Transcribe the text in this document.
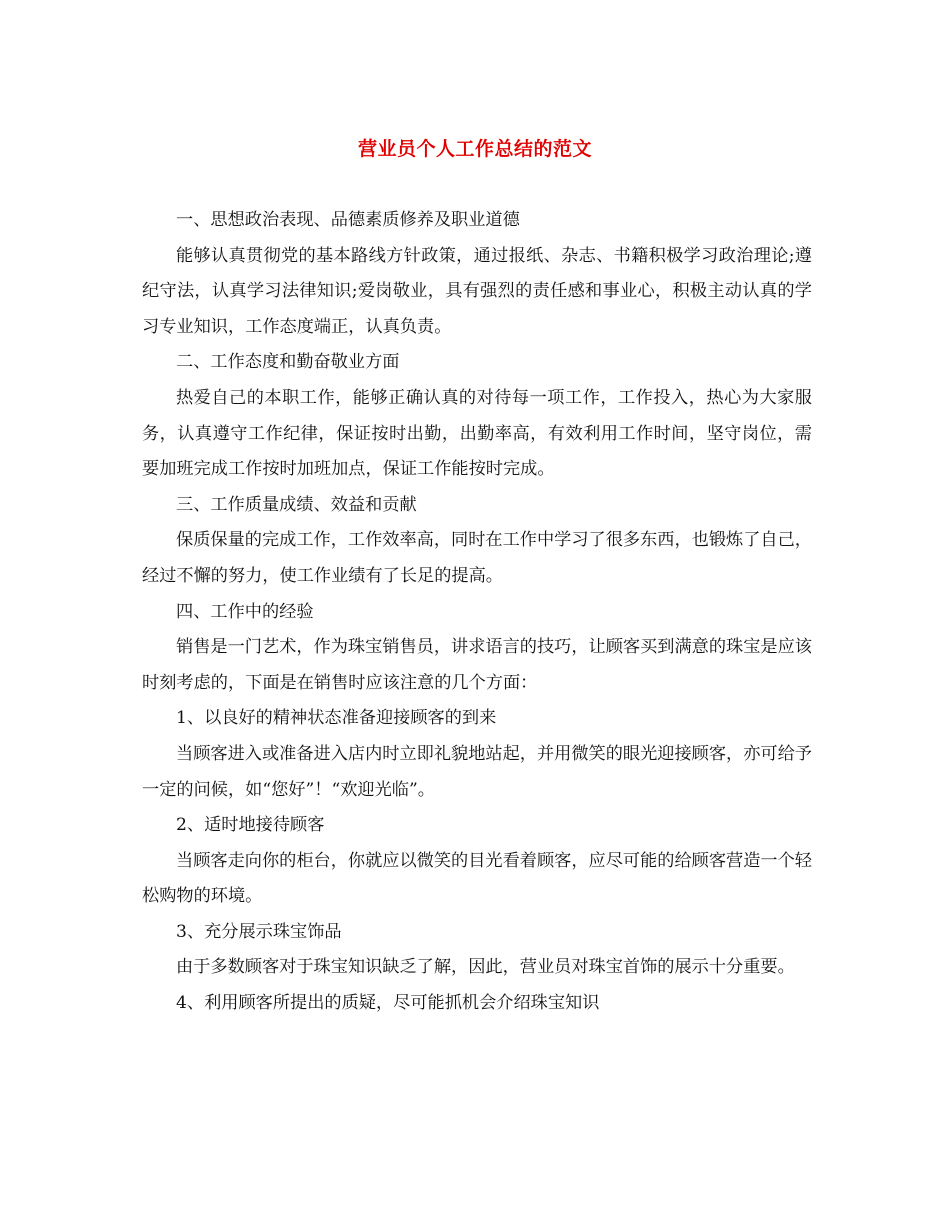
营业员个人工作总结的范文

一、思想政治表现、品德素质修养及职业道德

能够认真贯彻党的基本路线方针政策，通过报纸、杂志、书籍积极学习政治理论;遵纪守法，认真学习法律知识;爱岗敬业，具有强烈的责任感和事业心，积极主动认真的学习专业知识，工作态度端正，认真负责。

二、工作态度和勤奋敬业方面

热爱自己的本职工作，能够正确认真的对待每一项工作，工作投入，热心为大家服务，认真遵守工作纪律，保证按时出勤，出勤率高，有效利用工作时间，坚守岗位，需要加班完成工作按时加班加点，保证工作能按时完成。

三、工作质量成绩、效益和贡献

保质保量的完成工作，工作效率高，同时在工作中学习了很多东西，也锻炼了自己，经过不懈的努力，使工作业绩有了长足的提高。

四、工作中的经验

销售是一门艺术，作为珠宝销售员，讲求语言的技巧，让顾客买到满意的珠宝是应该时刻考虑的，下面是在销售时应该注意的几个方面：

1、以良好的精神状态准备迎接顾客的到来

当顾客进入或准备进入店内时立即礼貌地站起，并用微笑的眼光迎接顾客，亦可给予一定的问候，如“您好”！“欢迎光临”。

2、适时地接待顾客

当顾客走向你的柜台，你就应以微笑的目光看着顾客，应尽可能的给顾客营造一个轻松购物的环境。

3、充分展示珠宝饰品

由于多数顾客对于珠宝知识缺乏了解，因此，营业员对珠宝首饰的展示十分重要。

4、利用顾客所提出的质疑，尽可能抓机会介绍珠宝知识
